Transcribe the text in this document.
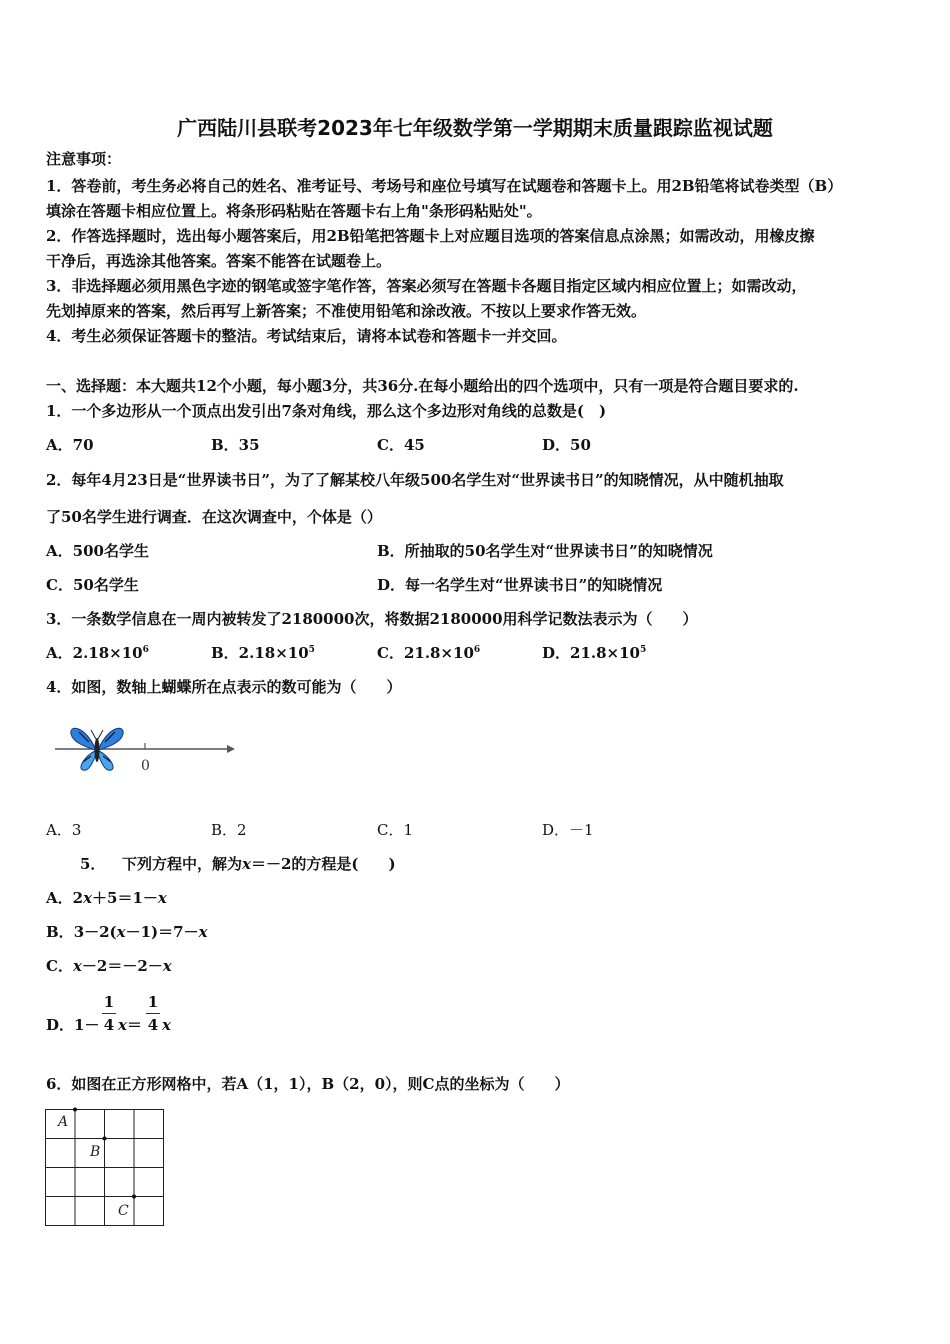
广西陆川县联考2023年七年级数学第一学期期末质量跟踪监视试题
注意事项：
1．答卷前，考生务必将自己的姓名、准考证号、考场号和座位号填写在试题卷和答题卡上。用2B铅笔将试卷类型（B）
填涂在答题卡相应位置上。将条形码粘贴在答题卡右上角"条形码粘贴处"。
2．作答选择题时，选出每小题答案后，用2B铅笔把答题卡上对应题目选项的答案信息点涂黑；如需改动，用橡皮擦
干净后，再选涂其他答案。答案不能答在试题卷上。
3．非选择题必须用黑色字迹的钢笔或签字笔作答，答案必须写在答题卡各题目指定区域内相应位置上；如需改动，
先划掉原来的答案，然后再写上新答案；不准使用铅笔和涂改液。不按以上要求作答无效。
4．考生必须保证答题卡的整洁。考试结束后，请将本试卷和答题卡一并交回。
一、选择题：本大题共12个小题，每小题3分，共36分.在每小题给出的四个选项中，只有一项是符合题目要求的.
1．一个多边形从一个顶点出发引出7条对角线，那么这个多边形对角线的总数是(　)
A．70	B．35	C．45	D．50
2．每年4月23日是“世界读书日”，为了了解某校八年级500名学生对“世界读书日”的知晓情况，从中随机抽取
了50名学生进行调查．在这次调查中，个体是（）
A．500名学生	B．所抽取的50名学生对“世界读书日”的知晓情况
C．50名学生	D．每一名学生对“世界读书日”的知晓情况
3．一条数学信息在一周内被转发了2180000次，将数据2180000用科学记数法表示为（　　）
A．$2.18\times 10^6$	B．$2.18\times 10^5$	C．$21.8\times 10^6$	D．$21.8\times 10^5$
4．如图，数轴上蝴蝶所在点表示的数可能为（　　）
0
A．3	B．2	C．1	D．－1
5． 下列方程中，解为x＝－2的方程是(　　)
A．2x＋5＝1－x
B．3－2(x－1)＝7－x
C．x－2＝－2－x
D．1－
1
4 x＝
1
4 x
6．如图在正方形网格中，若A（1，1），B（2，0），则C点的坐标为（　　）
A
B
C
